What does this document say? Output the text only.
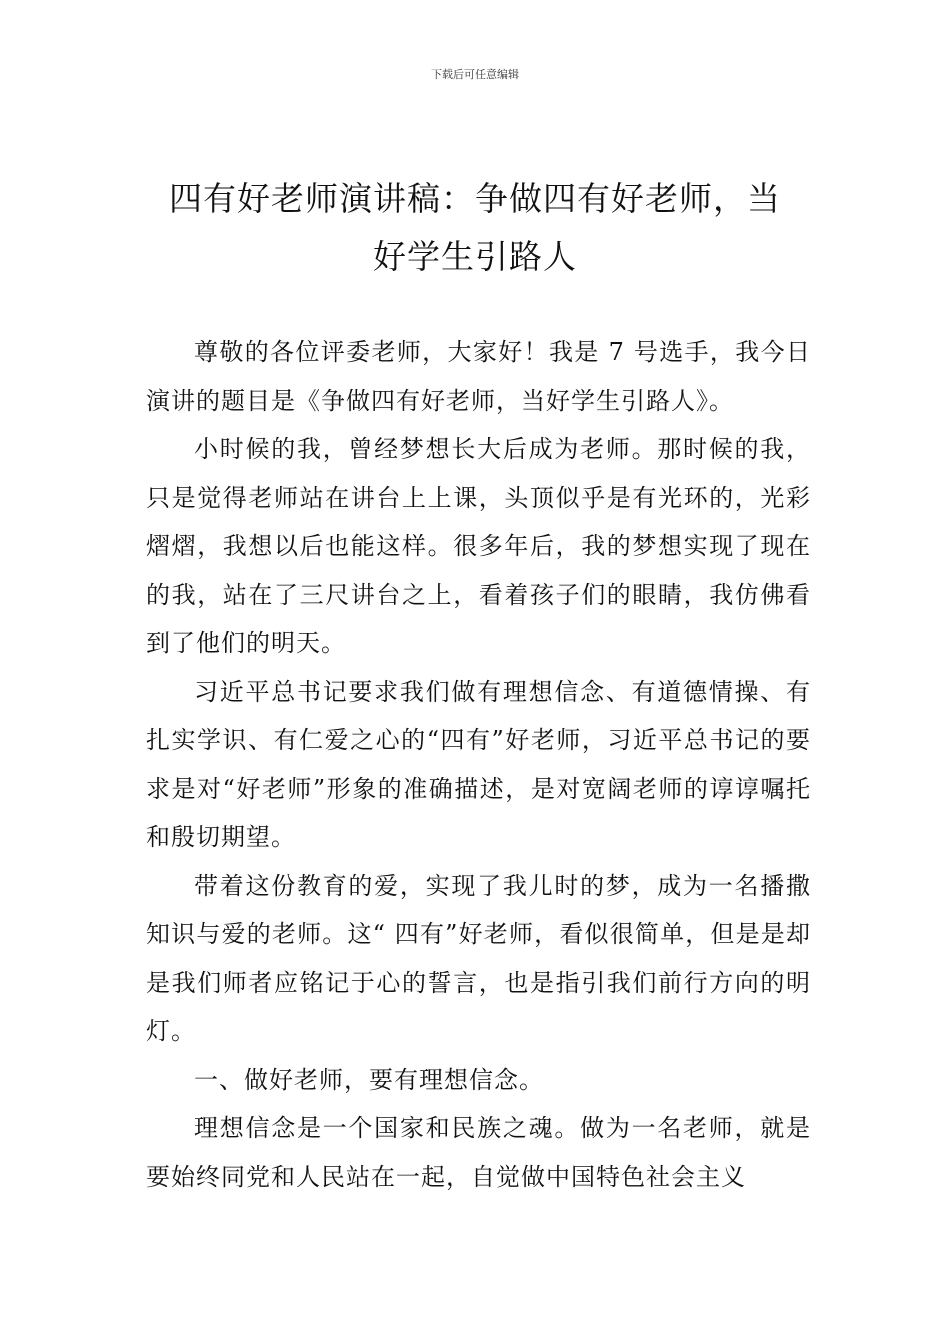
下载后可任意编辑
四有好老师演讲稿：争做四有好老师，当
好学生引路人

尊敬的各位评委老师，大家好！我是 7 号选手，我今日演讲的题目是《争做四有好老师，当好学生引路人》。

小时候的我，曾经梦想长大后成为老师。那时候的我，只是觉得老师站在讲台上上课，头顶似乎是有光环的，光彩熠熠，我想以后也能这样。很多年后，我的梦想实现了现在的我，站在了三尺讲台之上，看着孩子们的眼睛，我仿佛看到了他们的明天。

习近平总书记要求我们做有理想信念、有道德情操、有扎实学识、有仁爱之心的“四有”好老师，习近平总书记的要求是对“好老师”形象的准确描述，是对宽阔老师的谆谆嘱托和殷切期望。

带着这份教育的爱，实现了我儿时的梦，成为一名播撒知识与爱的老师。这“ 四有”好老师，看似很简单，但是是却是我们师者应铭记于心的誓言，也是指引我们前行方向的明灯。

一、做好老师，要有理想信念。

理想信念是一个国家和民族之魂。做为一名老师，就是要始终同党和人民站在一起，自觉做中国特色社会主义
